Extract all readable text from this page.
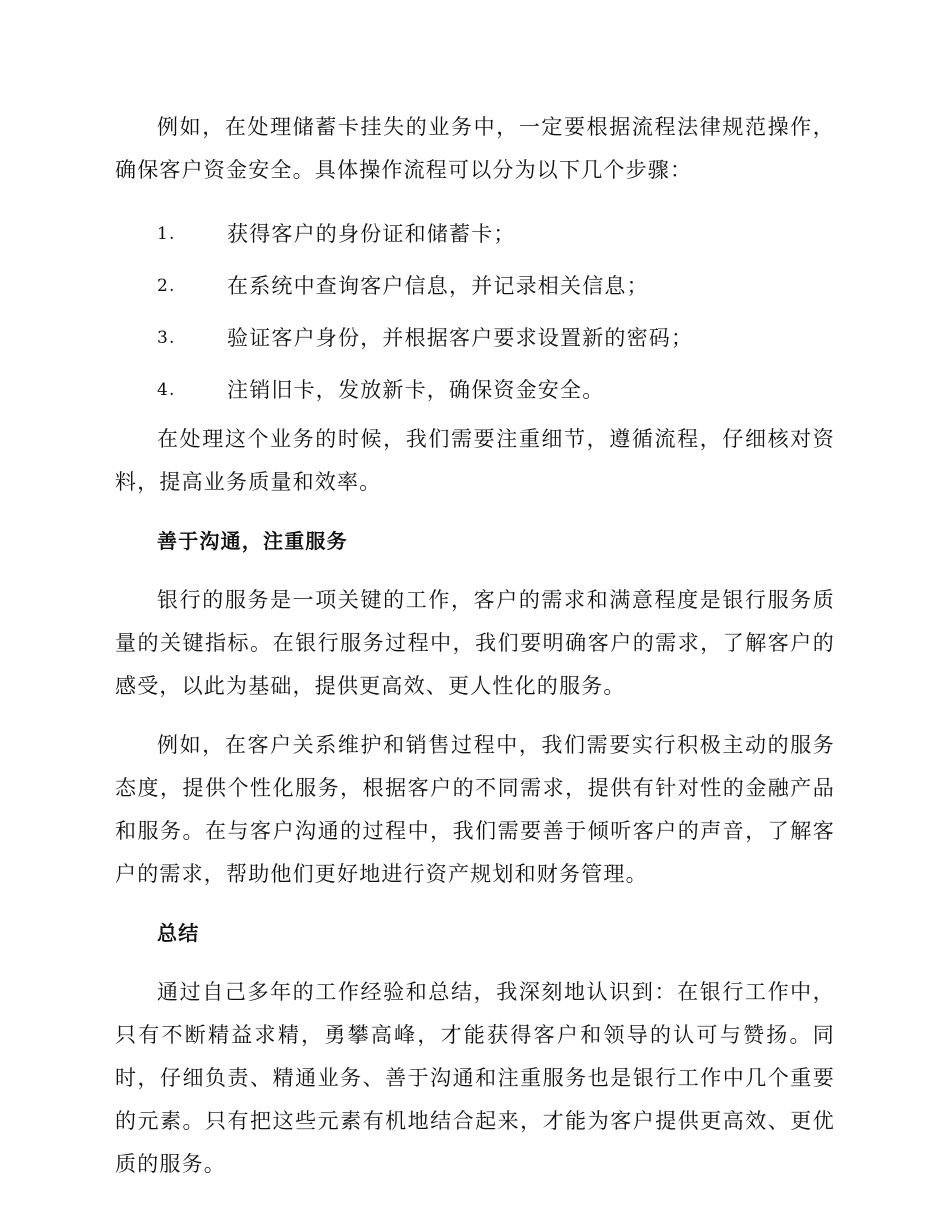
例如，在处理储蓄卡挂失的业务中，一定要根据流程法律规范操作，确保客户资金安全。具体操作流程可以分为以下几个步骤：

1. 获得客户的身份证和储蓄卡；
2. 在系统中查询客户信息，并记录相关信息；
3. 验证客户身份，并根据客户要求设置新的密码；
4. 注销旧卡，发放新卡，确保资金安全。

在处理这个业务的时候，我们需要注重细节，遵循流程，仔细核对资料，提高业务质量和效率。

善于沟通，注重服务

银行的服务是一项关键的工作，客户的需求和满意程度是银行服务质量的关键指标。在银行服务过程中，我们要明确客户的需求，了解客户的感受，以此为基础，提供更高效、更人性化的服务。

例如，在客户关系维护和销售过程中，我们需要实行积极主动的服务态度，提供个性化服务，根据客户的不同需求，提供有针对性的金融产品和服务。在与客户沟通的过程中，我们需要善于倾听客户的声音，了解客户的需求，帮助他们更好地进行资产规划和财务管理。

总结

通过自己多年的工作经验和总结，我深刻地认识到：在银行工作中，只有不断精益求精，勇攀高峰，才能获得客户和领导的认可与赞扬。同时，仔细负责、精通业务、善于沟通和注重服务也是银行工作中几个重要的元素。只有把这些元素有机地结合起来，才能为客户提供更高效、更优质的服务。
